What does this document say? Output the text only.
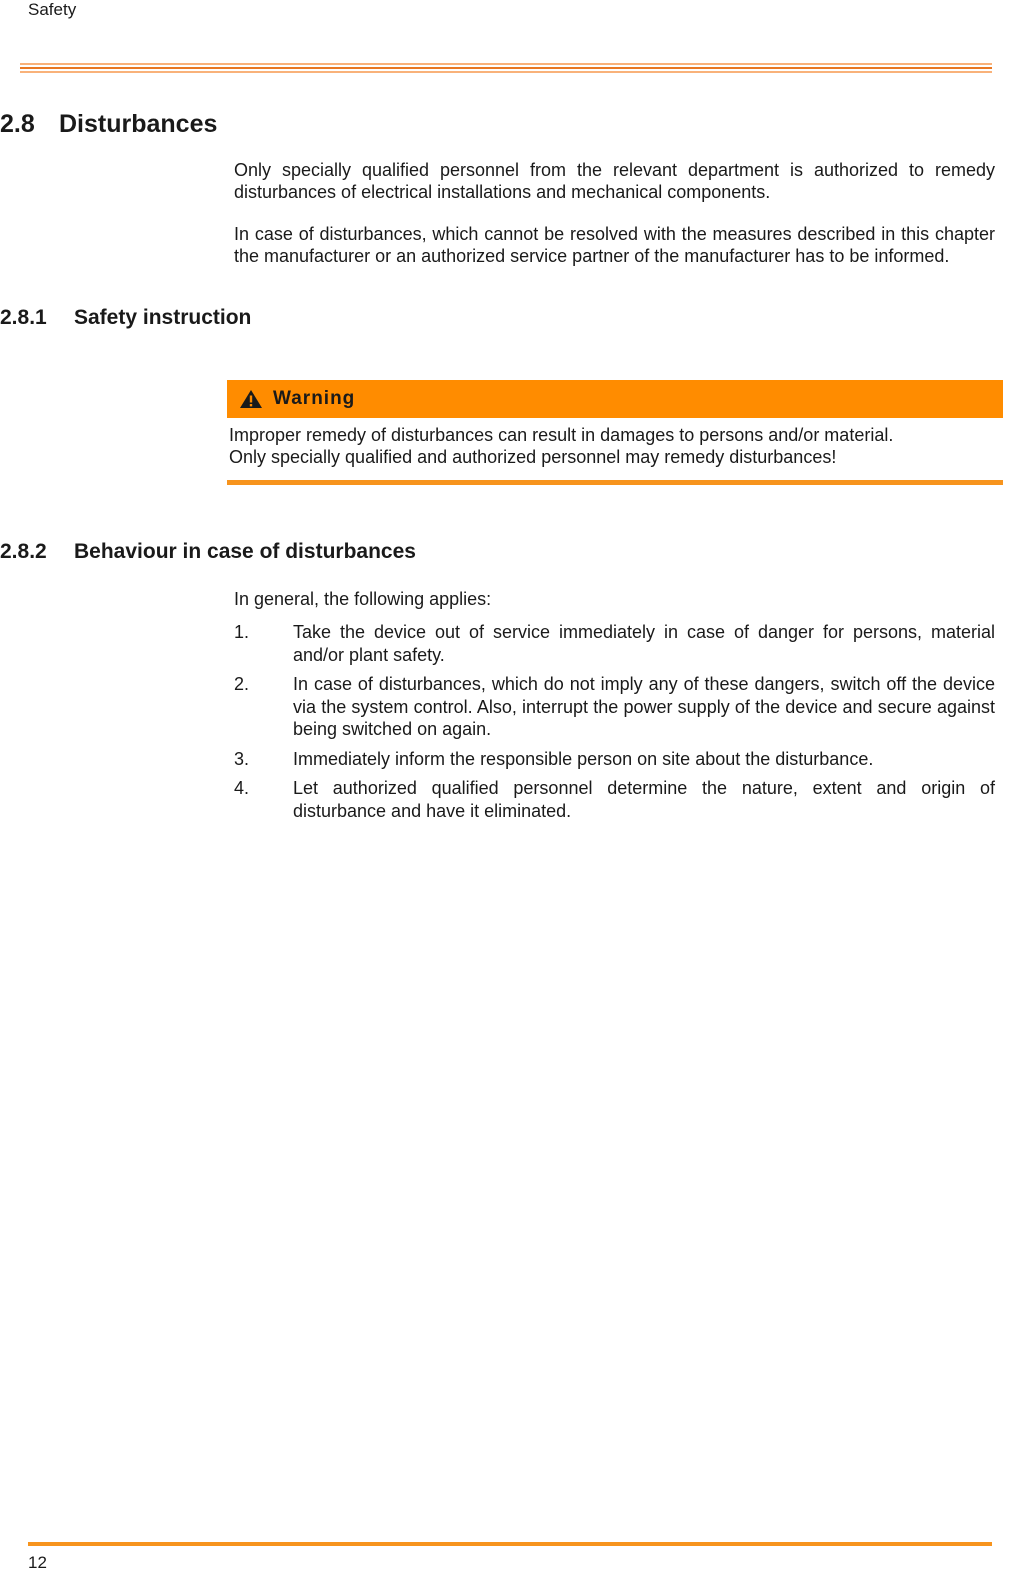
Safety
2.8 Disturbances

Only specially qualified personnel from the relevant department is authorized to remedy disturbances of electrical installations and mechanical components.

In case of disturbances, which cannot be resolved with the measures described in this chapter the manufacturer or an authorized service partner of the manufacturer has to be informed.

2.8.1 Safety instruction
Warning
Improper remedy of disturbances can result in damages to persons and/or material.
Only specially qualified and authorized personnel may remedy disturbances!
2.8.2 Behaviour in case of disturbances

In general, the following applies:

1.	Take the device out of service immediately in case of danger for persons, material and/or plant safety.
2.	In case of disturbances, which do not imply any of these dangers, switch off the device via the system control. Also, interrupt the power supply of the device and secure against being switched on again.
3.	Immediately inform the responsible person on site about the disturbance.
4.	Let authorized qualified personnel determine the nature, extent and origin of disturbance and have it eliminated.
12
